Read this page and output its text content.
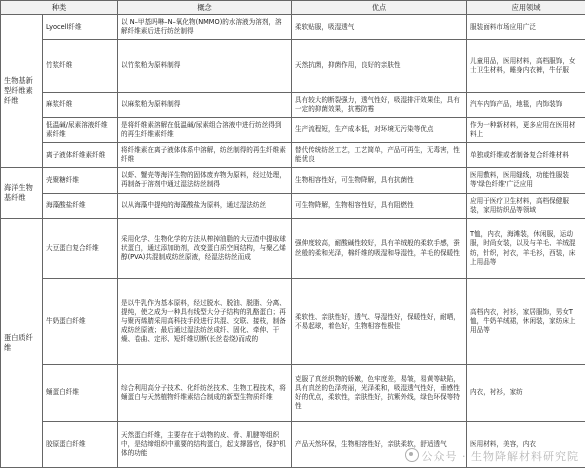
种类		概念	优点	应用领域
生物基新型纤维素纤维	Lyocell纤维	以 N–甲基吗啉–N–氧化物(NMMO)的水溶液为溶剂，溶解纤维素后进行纺丝制得	柔软贴服，吸湿透气	服装面料市场应用广泛
	竹浆纤维	以竹浆粕为原料制得	天然抗菌，抑菌作用，良好的亲肤性	儿童用品，医用材料，高档服饰，女士卫生材料，睡身内衣裤，牛仔服
	麻浆纤维	以麻浆粕为原料制得	具有较大的断裂强力，透气性好，吸湿排汗效果佳，具有一定的抑菌效果，抗霉防霉	汽车内饰产品，地毯，内饰装饰
	低温碱/尿素溶液纤维素纤维	是将纤维素溶解在低温碱/尿素组合溶液中进行纺丝得到的再生纤维素纤维	生产流程短，生产成本低，对环境无污染等优点	作为一种新材料，更多应用在医用材料上
	离子液体纤维素纤维	将纤维素在离子液体体系中溶解，纺丝制得的再生纤维素纤维	替代传统纺丝工艺，工艺简单，产品可再生，无毒害，性能优良	单独或纤维或者制备复合纤维材料
海洋生物基纤维	壳聚糖纤维	以虾、蟹壳等海洋生物的固体废弃物为原料，经过处理，再制备于溶剂中通过湿法纺丝制得	生物相容性好，可生物降解，具有抗菌性	医用敷料，医用缝线，功能性服装等'绿色纤维'广泛应用
	海藻酸盐纤维	以从海藻中提纯的海藻酸盐为原料，通过湿法纺丝	可生物降解，生物相容性好，具有阻燃性	应用于医疗卫生材料，高档保健服装，家用纺织品等领域
蛋白质纤维	大豆蛋白复合纤维	采用化学、生物化学的方法从榨掉油脂的大豆渣中提取球状蛋白，通过添加助剂，改变蛋白质空间结构，与聚乙烯醇(PVA)共混制成纺丝原液，经湿法纺丝而成	强伸度较高，耐酸碱性较好，具有羊绒般的柔软手感，蚕丝般的柔和光泽，棉纤维的吸湿和导湿性，羊毛的保暖性	T恤，内衣，海滩装，休闲服，运动服，时尚女装，以及与羊毛、羊绒混纺，针织，衬衣，羊毛衫，西装，床上用品等
	牛奶蛋白纤维	是以牛乳作为基本原料，经过脱水、脱油、脱脂、分离、提纯，使之成为一种具有线型大分子结构的乳酪蛋白；再与聚丙烯腈采用高科技手段进行共混、交联、接枝，制备成纺丝原液；最后通过湿法纺丝成纤、固化、牵伸、干燥、卷曲、定形、短纤维切断(长丝卷绕)而成的	柔软性、亲肤性好，透气、导湿性好，保暖性好，耐晒，不易起球，着色好，生物相容性极佳	高档内衣，衬衫，家居服饰，男女T恤，牛奶羊绒裙，休闲装，家纺床上用品等
	蛹蛋白纤维	综合利用高分子技术、化纤纺丝技术、生物工程技术，将蛹蛋白与天然植物纤维素结合制成的新型生物质纤维	克服了真丝织物的娇嫩，色牢度差，易皱，易黄等缺陷，具有真丝的色泽亮丽，光泽柔和，吸湿透气性好，垂感性好的优点，柔软性，亲肤性好，抗紫外线，绿色环保等特性	内衣，衬衫，家纺
	胶原蛋白纤维	天然蛋白纤维，主要存在于动物的皮、骨、肌腱等组织中，是结缔组织中重要的结构蛋白，起支撑器官，保护机体的功能	产品天然环保，生物相容性好，亲肤柔软，舒适透气	医用材料，美容，内衣
公众号 · 生物降解材料研究院
